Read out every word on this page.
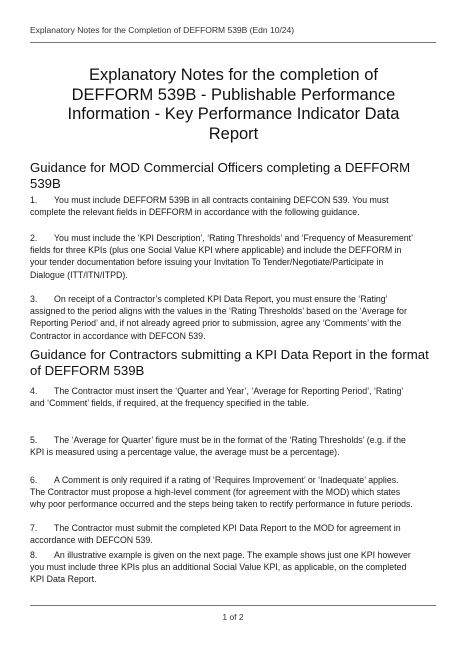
Explanatory Notes for the Completion of DEFFORM 539B (Edn 10/24)
Explanatory Notes for the completion of DEFFORM 539B - Publishable Performance Information - Key Performance Indicator Data Report
Guidance for MOD Commercial Officers completing a DEFFORM 539B
1. You must include DEFFORM 539B in all contracts containing DEFCON 539. You must complete the relevant fields in DEFFORM in accordance with the following guidance.
2. You must include the ‘KPI Description’, ‘Rating Thresholds’ and ‘Frequency of Measurement’ fields for three KPIs (plus one Social Value KPI where applicable) and include the DEFFORM in your tender documentation before issuing your Invitation To Tender/Negotiate/Participate in Dialogue (ITT/ITN/ITPD).
3. On receipt of a Contractor’s completed KPI Data Report, you must ensure the ‘Rating’ assigned to the period aligns with the values in the ‘Rating Thresholds’ based on the ‘Average for Reporting Period’ and, if not already agreed prior to submission, agree any ‘Comments’ with the Contractor in accordance with DEFCON 539.
Guidance for Contractors submitting a KPI Data Report in the format of DEFFORM 539B
4. The Contractor must insert the ‘Quarter and Year’, ‘Average for Reporting Period’, ‘Rating’ and ‘Comment’ fields, if required, at the frequency specified in the table.
5. The ‘Average for Quarter’ figure must be in the format of the ‘Rating Thresholds’ (e.g. if the KPI is measured using a percentage value, the average must be a percentage).
6. A Comment is only required if a rating of ‘Requires Improvement’ or ‘Inadequate’ applies. The Contractor must propose a high-level comment (for agreement with the MOD) which states why poor performance occurred and the steps being taken to rectify performance in future periods.
7. The Contractor must submit the completed KPI Data Report to the MOD for agreement in accordance with DEFCON 539.
8. An illustrative example is given on the next page. The example shows just one KPI however you must include three KPIs plus an additional Social Value KPI, as applicable, on the completed KPI Data Report.
1 of 2
